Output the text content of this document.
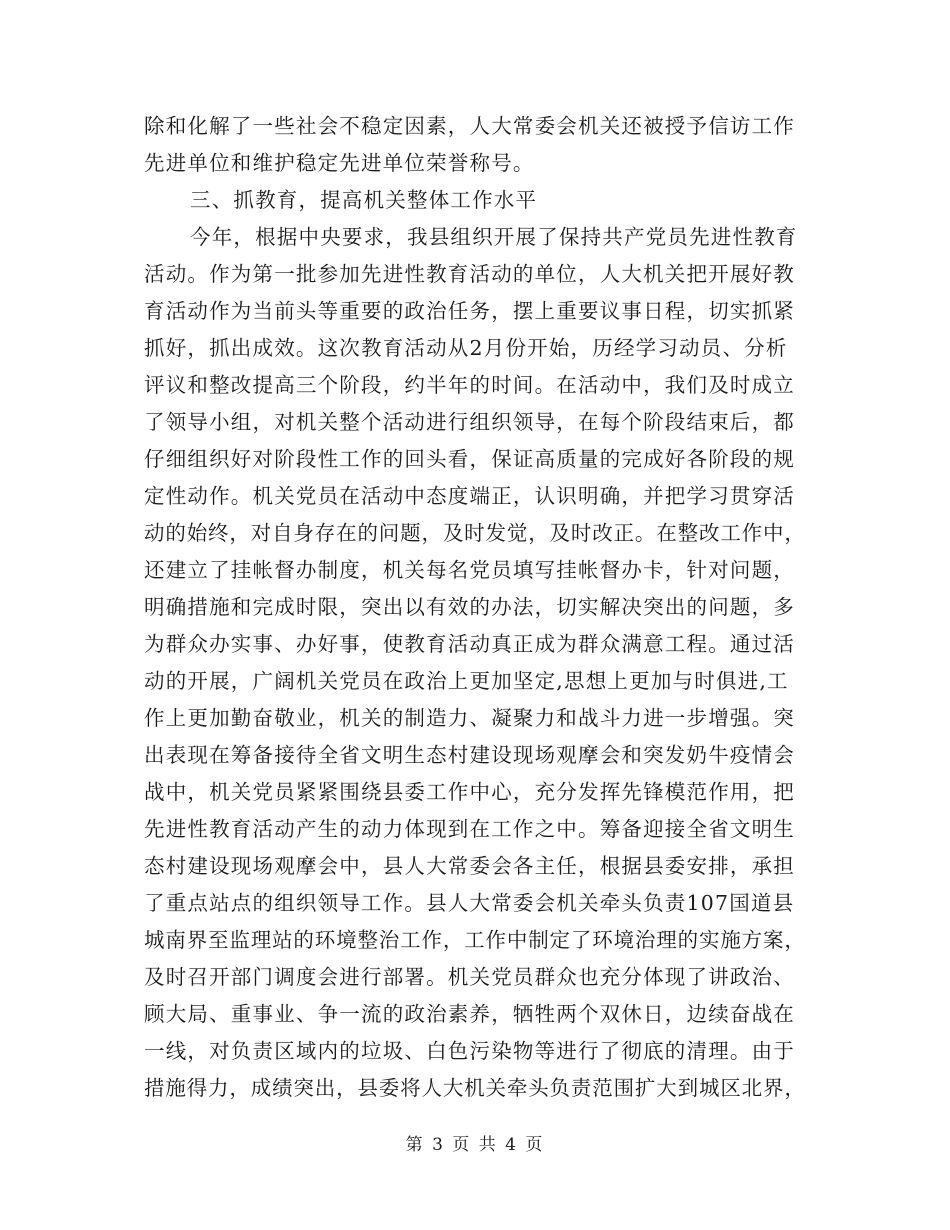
除和化解了一些社会不稳定因素，人大常委会机关还被授予信访工作
先进单位和维护稳定先进单位荣誉称号。
三、抓教育，提高机关整体工作水平
今年，根据中央要求，我县组织开展了保持共产党员先进性教育
活动。作为第一批参加先进性教育活动的单位，人大机关把开展好教
育活动作为当前头等重要的政治任务，摆上重要议事日程，切实抓紧
抓好，抓出成效。这次教育活动从2月份开始，历经学习动员、分析
评议和整改提高三个阶段，约半年的时间。在活动中，我们及时成立
了领导小组，对机关整个活动进行组织领导，在每个阶段结束后，都
仔细组织好对阶段性工作的回头看，保证高质量的完成好各阶段的规
定性动作。机关党员在活动中态度端正，认识明确，并把学习贯穿活
动的始终，对自身存在的问题，及时发觉，及时改正。在整改工作中，
还建立了挂帐督办制度，机关每名党员填写挂帐督办卡，针对问题，
明确措施和完成时限，突出以有效的办法，切实解决突出的问题，多
为群众办实事、办好事，使教育活动真正成为群众满意工程。通过活
动的开展，广阔机关党员在政治上更加坚定,思想上更加与时俱进,工
作上更加勤奋敬业，机关的制造力、凝聚力和战斗力进一步增强。突
出表现在筹备接待全省文明生态村建设现场观摩会和突发奶牛疫情会
战中，机关党员紧紧围绕县委工作中心，充分发挥先锋模范作用，把
先进性教育活动产生的动力体现到在工作之中。筹备迎接全省文明生
态村建设现场观摩会中，县人大常委会各主任，根据县委安排，承担
了重点站点的组织领导工作。县人大常委会机关牵头负责107国道县
城南界至监理站的环境整治工作，工作中制定了环境治理的实施方案，
及时召开部门调度会进行部署。机关党员群众也充分体现了讲政治、
顾大局、重事业、争一流的政治素养，牺牲两个双休日，边续奋战在
一线，对负责区域内的垃圾、白色污染物等进行了彻底的清理。由于
措施得力，成绩突出，县委将人大机关牵头负责范围扩大到城区北界，
第 3 页 共 4 页
